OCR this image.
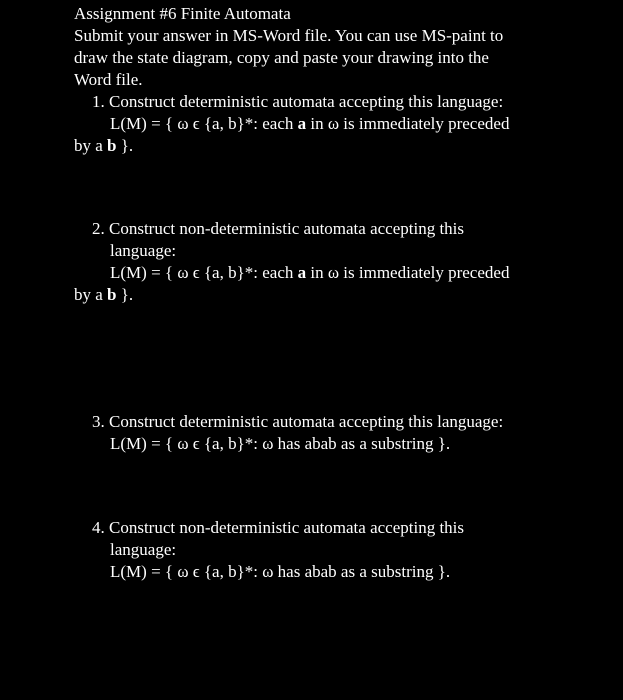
Assignment #6 Finite Automata
Submit your answer in MS-Word file. You can use MS-paint to
draw the state diagram, copy and paste your drawing into the
Word file.
1. Construct deterministic automata accepting this language:
L(M) = { ω ϵ {a, b}*: each a in ω is immediately preceded
by a b }.
2. Construct non-deterministic automata accepting this
language:
L(M) = { ω ϵ {a, b}*: each a in ω is immediately preceded
by a b }.
3. Construct deterministic automata accepting this language:
L(M) = { ω ϵ {a, b}*: ω has abab as a substring }.
4. Construct non-deterministic automata accepting this
language:
L(M) = { ω ϵ {a, b}*: ω has abab as a substring }.
